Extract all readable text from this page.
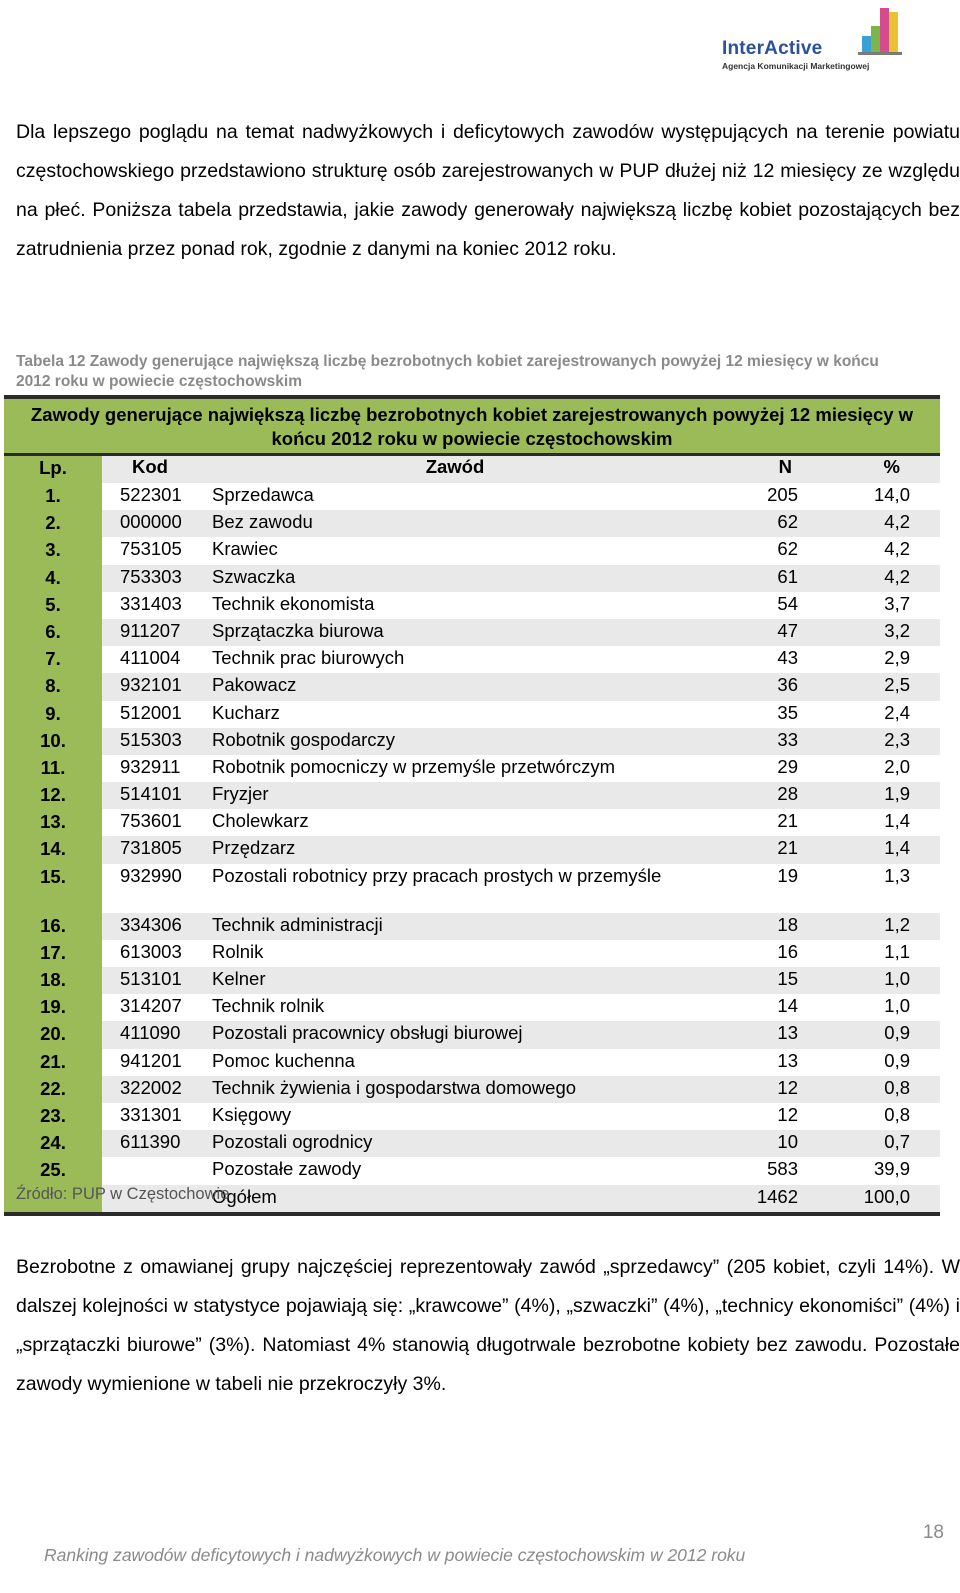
InterActive
Agencja Komunikacji Marketingowej
Dla lepszego poglądu na temat nadwyżkowych i deficytowych zawodów występujących na terenie powiatu częstochowskiego przedstawiono strukturę osób zarejestrowanych w PUP dłużej niż 12 miesięcy ze względu na płeć. Poniższa tabela przedstawia, jakie zawody generowały największą liczbę kobiet pozostających bez zatrudnienia przez ponad rok, zgodnie z danymi na koniec 2012 roku.
Tabela 12 Zawody generujące największą liczbę bezrobotnych kobiet zarejestrowanych powyżej 12 miesięcy w końcu 2012 roku w powiecie częstochowskim

Zawody generujące największą liczbę bezrobotnych kobiet zarejestrowanych powyżej 12 miesięcy w końcu 2012 roku w powiecie częstochowskim				
Lp.	Kod	Zawód	N	%
1.	522301	Sprzedawca	205	14,0
2.	000000	Bez zawodu	62	4,2
3.	753105	Krawiec	62	4,2
4.	753303	Szwaczka	61	4,2
5.	331403	Technik ekonomista	54	3,7
6.	911207	Sprzątaczka biurowa	47	3,2
7.	411004	Technik prac biurowych	43	2,9
8.	932101	Pakowacz	36	2,5
9.	512001	Kucharz	35	2,4
10.	515303	Robotnik gospodarczy	33	2,3
11.	932911	Robotnik pomocniczy w przemyśle przetwórczym	29	2,0
12.	514101	Fryzjer	28	1,9
13.	753601	Cholewkarz	21	1,4
14.	731805	Przędzarz	21	1,4
15.	932990	Pozostali robotnicy przy pracach prostych w przemyśle	19	1,3
16.	334306	Technik administracji	18	1,2
17.	613003	Rolnik	16	1,1
18.	513101	Kelner	15	1,0
19.	314207	Technik rolnik	14	1,0
20.	411090	Pozostali pracownicy obsługi biurowej	13	0,9
21.	941201	Pomoc kuchenna	13	0,9
22.	322002	Technik żywienia i gospodarstwa domowego	12	0,8
23.	331301	Księgowy	12	0,8
24.	611390	Pozostali ogrodnicy	10	0,7
25.		Pozostałe zawody	583	39,9
		Ogółem	1462	100,0

Źródło: PUP w Częstochowie
Bezrobotne z omawianej grupy najczęściej reprezentowały zawód „sprzedawcy” (205 kobiet, czyli 14%). W dalszej kolejności w statystyce pojawiają się: „krawcowe” (4%), „szwaczki” (4%), „technicy ekonomiści” (4%) i „sprzątaczki biurowe” (3%). Natomiast 4% stanowią długotrwale bezrobotne kobiety bez zawodu. Pozostałe zawody wymienione w tabeli nie przekroczyły 3%.
18
Ranking zawodów deficytowych i nadwyżkowych w powiecie częstochowskim w 2012 roku
